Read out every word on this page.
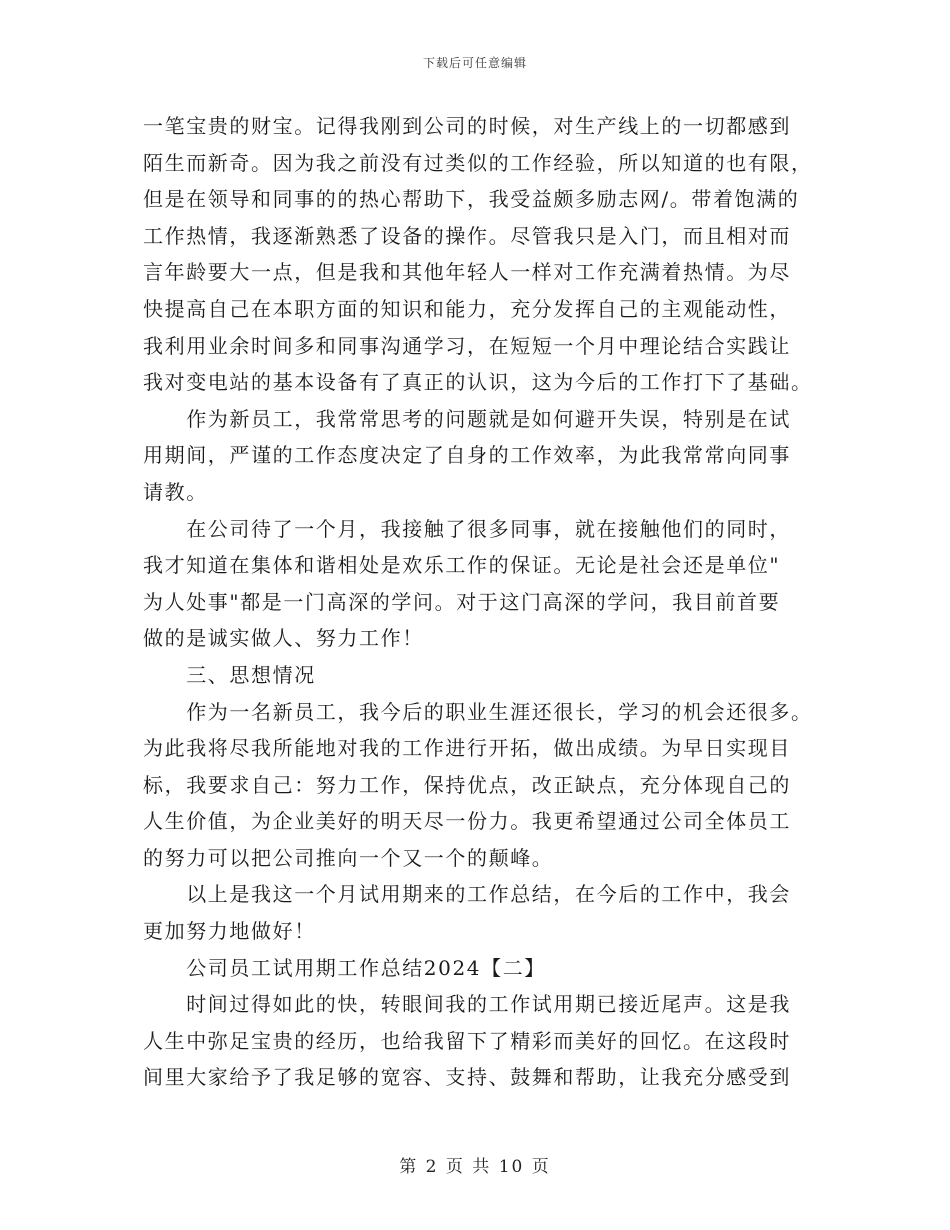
下载后可任意编辑

一笔宝贵的财宝。记得我刚到公司的时候，对生产线上的一切都感到

陌生而新奇。因为我之前没有过类似的工作经验，所以知道的也有限，

但是在领导和同事的的热心帮助下，我受益颇多励志网/。带着饱满的

工作热情，我逐渐熟悉了设备的操作。尽管我只是入门，而且相对而

言年龄要大一点，但是我和其他年轻人一样对工作充满着热情。为尽

快提高自己在本职方面的知识和能力，充分发挥自己的主观能动性，

我利用业余时间多和同事沟通学习，在短短一个月中理论结合实践让

我对变电站的基本设备有了真正的认识，这为今后的工作打下了基础。

　　作为新员工，我常常思考的问题就是如何避开失误，特别是在试

用期间，严谨的工作态度决定了自身的工作效率，为此我常常向同事

请教。

　　在公司待了一个月，我接触了很多同事，就在接触他们的同时，

我才知道在集体和谐相处是欢乐工作的保证。无论是社会还是单位"

为人处事"都是一门高深的学问。对于这门高深的学问，我目前首要

做的是诚实做人、努力工作！

　　三、思想情况

　　作为一名新员工，我今后的职业生涯还很长，学习的机会还很多。

为此我将尽我所能地对我的工作进行开拓，做出成绩。为早日实现目

标，我要求自己：努力工作，保持优点，改正缺点，充分体现自己的

人生价值，为企业美好的明天尽一份力。我更希望通过公司全体员工

的努力可以把公司推向一个又一个的颠峰。

　　以上是我这一个月试用期来的工作总结，在今后的工作中，我会

更加努力地做好！

　　公司员工试用期工作总结2024【二】

　　时间过得如此的快，转眼间我的工作试用期已接近尾声。这是我

人生中弥足宝贵的经历，也给我留下了精彩而美好的回忆。在这段时

间里大家给予了我足够的宽容、支持、鼓舞和帮助，让我充分感受到

第 2 页 共 10 页
